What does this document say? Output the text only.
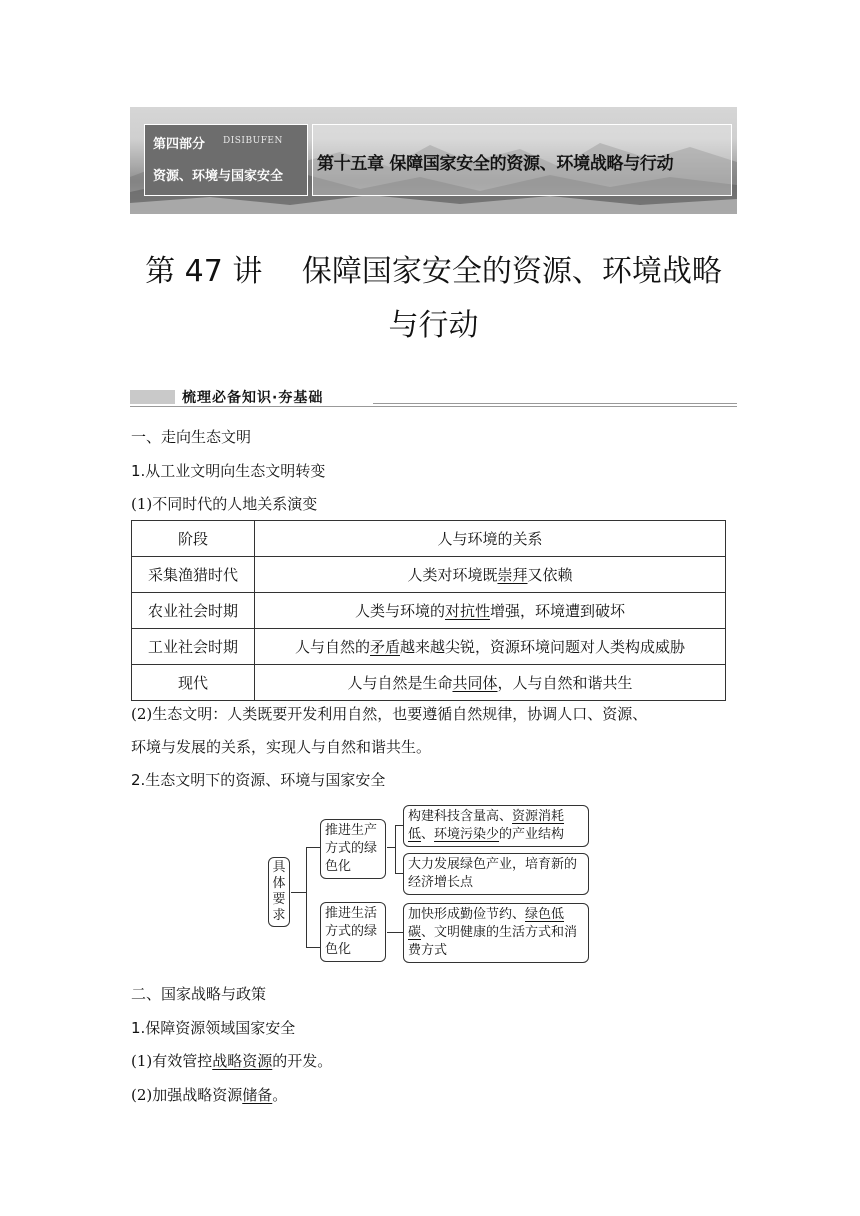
第四部分 DISIBUFEN
资源、环境与国家安全
第十五章 保障国家安全的资源、环境战略与行动
第 47 讲　 保障国家安全的资源、环境战略
与行动
梳理必备知识·夯基础
一、走向生态文明
1.从工业文明向生态文明转变
(1)不同时代的人地关系演变
阶段	人与环境的关系
采集渔猎时代	人类对环境既崇拜又依赖
农业社会时期	人类与环境的对抗性增强，环境遭到破坏
工业社会时期	人与自然的矛盾越来越尖锐，资源环境问题对人类构成威胁
现代	人与自然是生命共同体，人与自然和谐共生
(2)生态文明：人类既要开发利用自然，也要遵循自然规律，协调人口、资源、
环境与发展的关系，实现人与自然和谐共生。
2.生态文明下的资源、环境与国家安全
具体要求
推进生产方式的绿色化
构建科技含量高、资源消耗低、环境污染少的产业结构
大力发展绿色产业，培育新的经济增长点
推进生活方式的绿色化
加快形成勤俭节约、绿色低碳、文明健康的生活方式和消费方式
二、国家战略与政策
1.保障资源领域国家安全
(1)有效管控战略资源的开发。
(2)加强战略资源储备。
